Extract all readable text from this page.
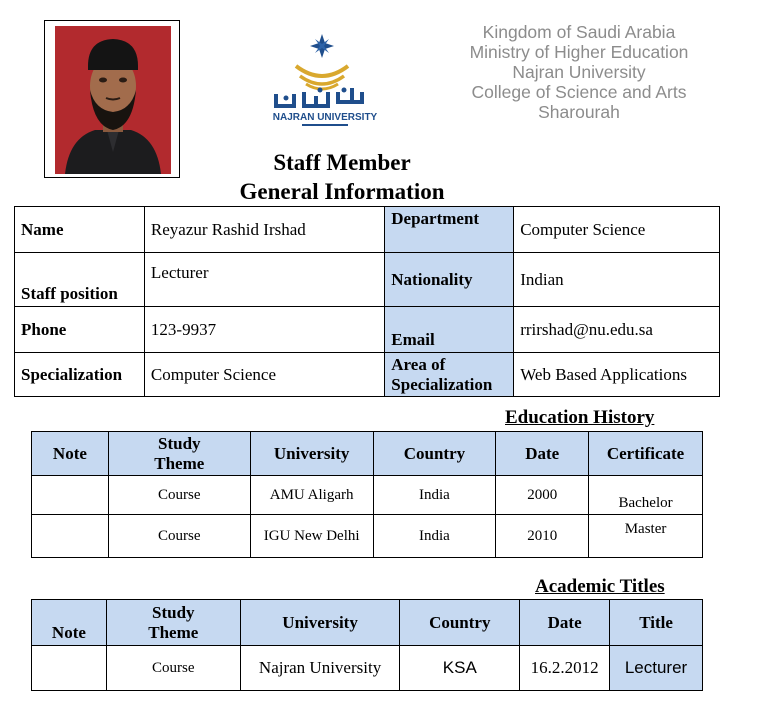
NAJRAN UNIVERSITY
Kingdom of Saudi Arabia
Ministry of Higher Education
Najran University
College of Science and Arts
Sharourah
Staff Member
General Information
Name	Reyazur Rashid Irshad	Department	Computer Science
Staff position	Lecturer	Nationality	Indian
Phone	123-9937	Email	rrirshad@nu.edu.sa
Specialization	Computer Science	Area of Specialization	Web Based Applications
Education History
Note	Study Theme	University	Country	Date	Certificate
	Course	AMU Aligarh	India	2000	Bachelor
	Course	IGU New Delhi	India	2010	Master
Academic Titles
Note	Study Theme	University	Country	Date	Title
	Course	Najran University	KSA	16.2.2012	Lecturer
